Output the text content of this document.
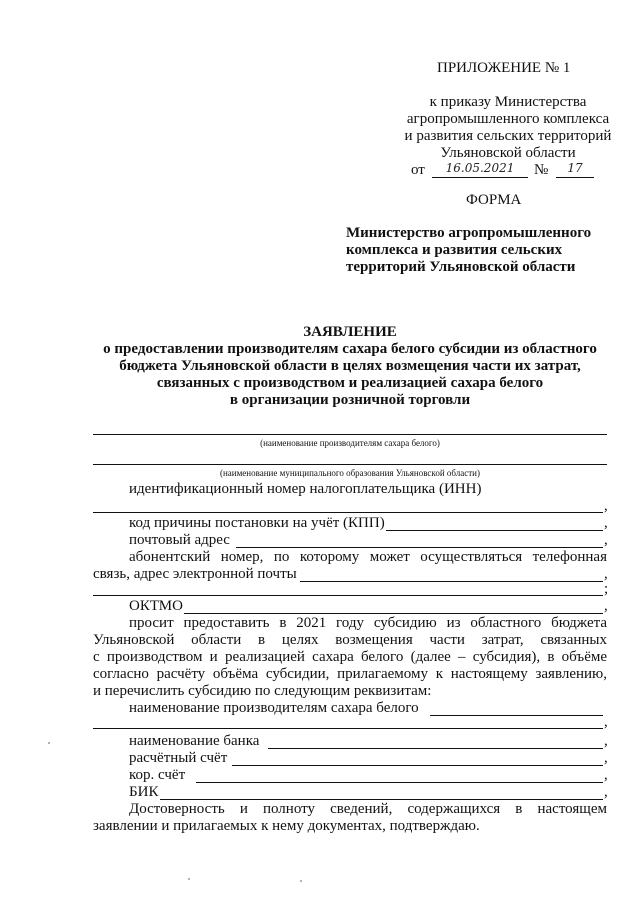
ПРИЛОЖЕНИЕ № 1
к приказу Министерства
агропромышленного комплекса
и развития сельских территорий
Ульяновской области
от	16.05.2021	№	17
ФОРМА
Министерство агропромышленного
комплекса и развития сельских
территорий Ульяновской области
ЗАЯВЛЕНИЕ
о предоставлении производителям сахара белого субсидии из областного
бюджета Ульяновской области в целях возмещения части их затрат,
связанных с производством и реализацией сахара белого
в организации розничной торговли
(наименование производителям сахара белого)
(наименование муниципального образования Ульяновской области)
идентификационный номер налогоплательщика (ИНН)
,
код причины постановки на учёт (КПП)	,
почтовый адрес	,
абонентский номер, по которому может осуществляться телефонная
связь, адрес электронной почты	,
;
ОКТМО	,
просит предоставить в 2021 году субсидию из областного бюджета
Ульяновской области в целях возмещения части затрат, связанных
с производством и реализацией сахара белого (далее – субсидия), в объёме
согласно расчёту объёма субсидии, прилагаемому к настоящему заявлению,
и перечислить субсидию по следующим реквизитам:
наименование производителям сахара белого
,
наименование банка	,
расчётный счёт	,
кор. счёт	,
БИК	,
Достоверность и полноту сведений, содержащихся в настоящем
заявлении и прилагаемых к нему документах, подтверждаю.
